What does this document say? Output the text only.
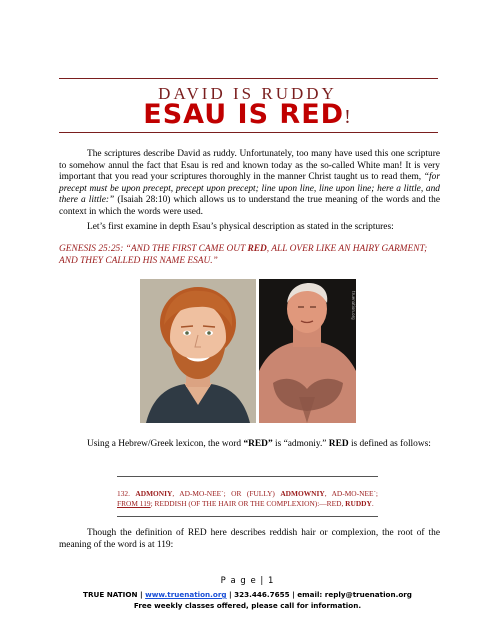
DAVID IS RUDDY
ESAU IS RED!
The scriptures describe David as ruddy. Unfortunately, too many have used this one scripture to somehow annul the fact that Esau is red and known today as the so-called White man! It is very important that you read your scriptures thoroughly in the manner Christ taught us to read them, “for precept must be upon precept, precept upon precept; line upon line, line upon line; here a little, and there a little:” (Isaiah 28:10) which allows us to understand the true meaning of the words and the context in which the words were used.
Let’s first examine in depth Esau’s physical description as stated in the scriptures:
GENESIS 25:25: “AND THE FIRST CAME OUT RED, ALL OVER LIKE AN HAIRY GARMENT; AND THEY CALLED HIS NAME ESAU.”
truenation.org
Using a Hebrew/Greek lexicon, the word “RED” is “admoniy.” RED is defined as follows:
132. ADMONIY, AD-MO-NEE´; OR (FULLY) ADMOWNIY, AD-MO-NEE´; FROM 119; REDDISH (OF THE HAIR OR THE COMPLEXION):—RED, RUDDY.
Though the definition of RED here describes reddish hair or complexion, the root of the meaning of the word is at 119:
P a g e | 1
TRUE NATION | www.truenation.org | 323.446.7655 | email: reply@truenation.org
Free weekly classes offered, please call for information.
